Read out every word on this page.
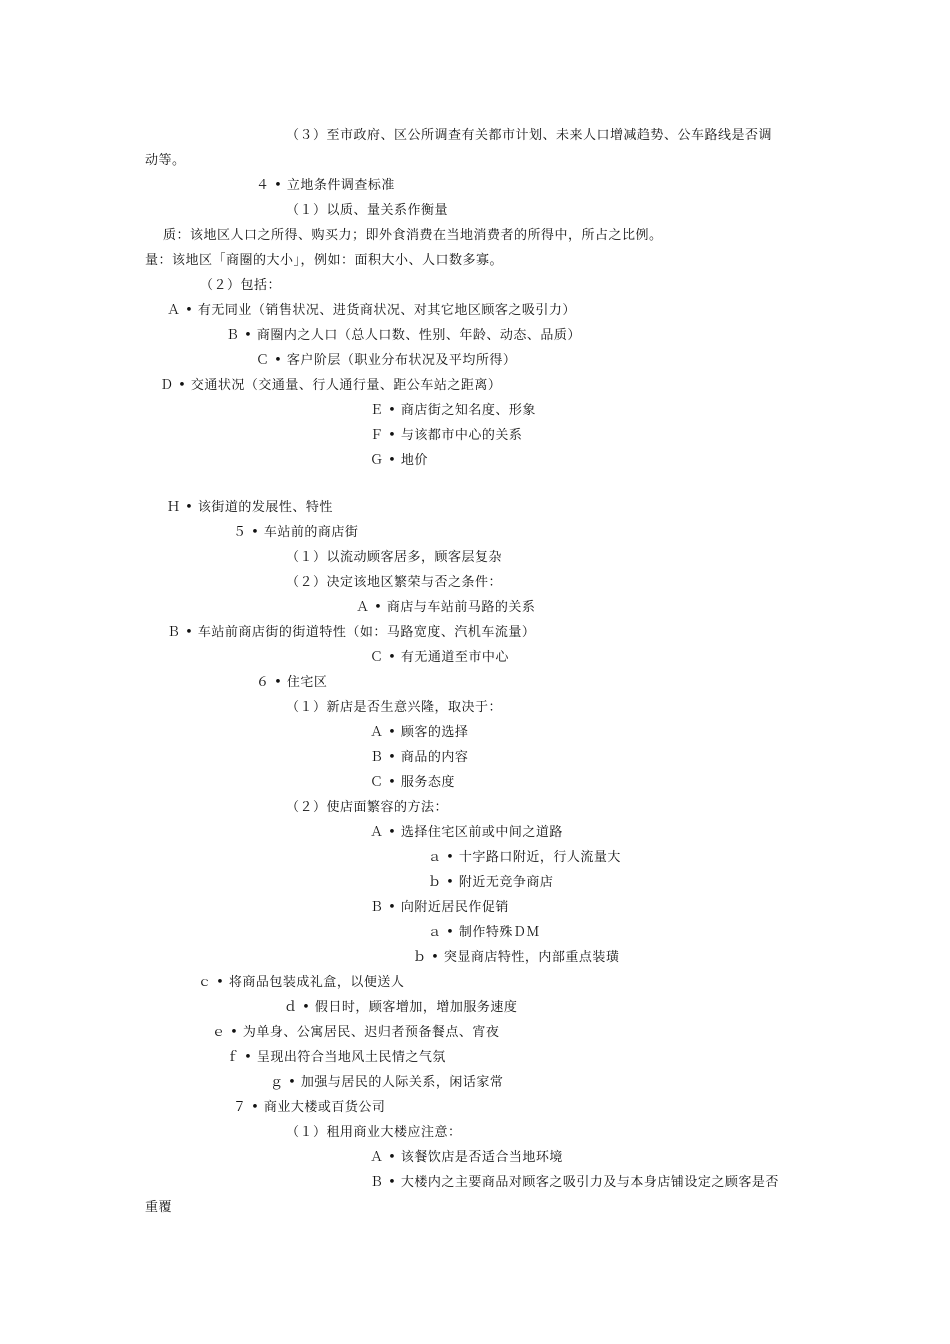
（３）至市政府、区公所调查有关都市计划、未来人口增减趋势、公车路线是否调
动等。
４ • 立地条件调查标准
（１）以质、量关系作衡量
质：该地区人口之所得、购买力；即外食消费在当地消费者的所得中，所占之比例。
量：该地区「商圈的大小」，例如：面积大小、人口数多寡。
（２）包括：
Ａ • 有无同业（销售状况、进货商状况、对其它地区顾客之吸引力）
Ｂ • 商圈内之人口（总人口数、性别、年龄、动态、品质）
Ｃ • 客户阶层（职业分布状况及平均所得）
Ｄ • 交通状况（交通量、行人通行量、距公车站之距离）
Ｅ • 商店街之知名度、形象
Ｆ • 与该都市中心的关系
Ｇ • 地价
Ｈ • 该街道的发展性、特性
５ • 车站前的商店街
（１）以流动顾客居多，顾客层复杂
（２）决定该地区繁荣与否之条件：
Ａ • 商店与车站前马路的关系
Ｂ • 车站前商店街的街道特性（如：马路宽度、汽机车流量）
Ｃ • 有无通道至市中心
６ • 住宅区
（１）新店是否生意兴隆，取决于：
Ａ • 顾客的选择
Ｂ • 商品的内容
Ｃ • 服务态度
（２）使店面繁容的方法：
Ａ • 选择住宅区前或中间之道路
ａ • 十字路口附近，行人流量大
ｂ • 附近无竞争商店
Ｂ • 向附近居民作促销
ａ • 制作特殊ＤＭ
ｂ • 突显商店特性，内部重点装璜
ｃ • 将商品包装成礼盒，以便送人
ｄ • 假日时，顾客增加，增加服务速度
ｅ • 为单身、公寓居民、迟归者预备餐点、宵夜
ｆ • 呈现出符合当地风土民情之气氛
ｇ • 加强与居民的人际关系，闲话家常
７ • 商业大楼或百货公司
（１）租用商业大楼应注意：
Ａ • 该餐饮店是否适合当地环境
Ｂ • 大楼内之主要商品对顾客之吸引力及与本身店铺设定之顾客是否
重覆
